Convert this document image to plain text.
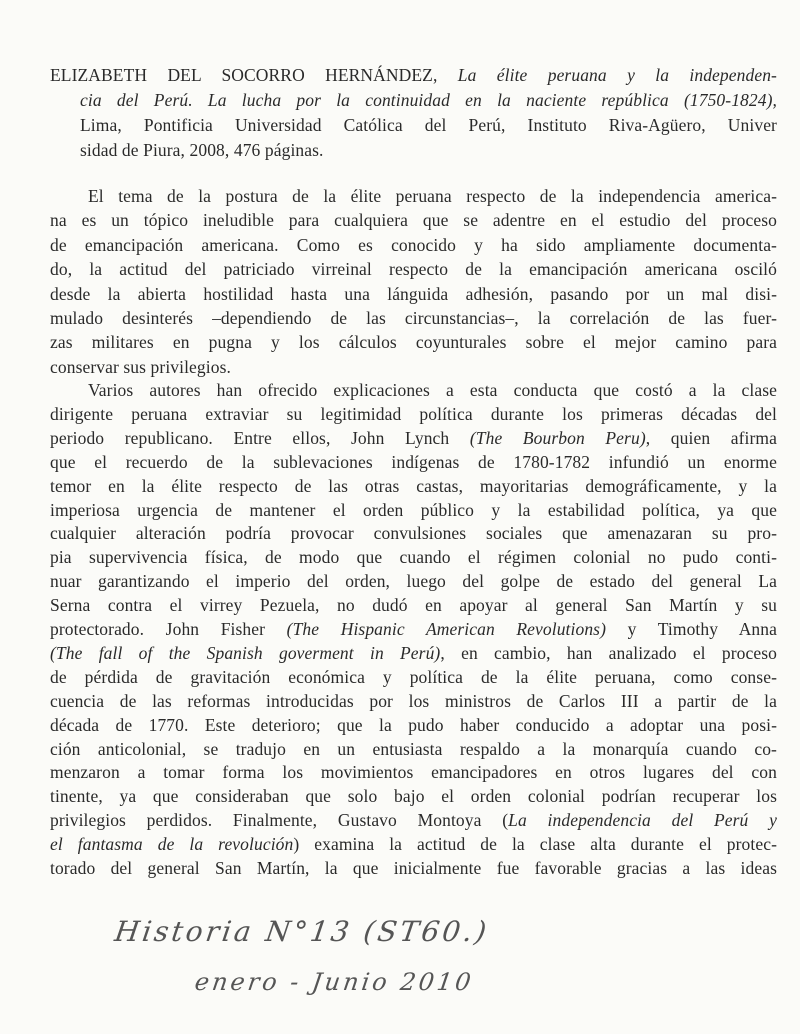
ELIZABETH DEL SOCORRO HERNÁNDEZ, La élite peruana y la independen-
cia del Perú. La lucha por la continuidad en la naciente república (1750-1824),
Lima, Pontificia Universidad Católica del Perú, Instituto Riva-Agüero, Univer
sidad de Piura, 2008, 476 páginas.
El tema de la postura de la élite peruana respecto de la independencia america-
na es un tópico ineludible para cualquiera que se adentre en el estudio del proceso
de emancipación americana. Como es conocido y ha sido ampliamente documenta-
do, la actitud del patriciado virreinal respecto de la emancipación americana osciló
desde la abierta hostilidad hasta una lánguida adhesión, pasando por un mal disi-
mulado desinterés –dependiendo de las circunstancias–, la correlación de las fuer-
zas militares en pugna y los cálculos coyunturales sobre el mejor camino para
conservar sus privilegios.
Varios autores han ofrecido explicaciones a esta conducta que costó a la clase
dirigente peruana extraviar su legitimidad política durante los primeras décadas del
periodo republicano. Entre ellos, John Lynch (The Bourbon Peru), quien afirma
que el recuerdo de la sublevaciones indígenas de 1780-1782 infundió un enorme
temor en la élite respecto de las otras castas, mayoritarias demográficamente, y la
imperiosa urgencia de mantener el orden público y la estabilidad política, ya que
cualquier alteración podría provocar convulsiones sociales que amenazaran su pro-
pia supervivencia física, de modo que cuando el régimen colonial no pudo conti-
nuar garantizando el imperio del orden, luego del golpe de estado del general La
Serna contra el virrey Pezuela, no dudó en apoyar al general San Martín y su
protectorado. John Fisher (The Hispanic American Revolutions) y Timothy Anna
(The fall of the Spanish goverment in Perú), en cambio, han analizado el proceso
de pérdida de gravitación económica y política de la élite peruana, como conse-
cuencia de las reformas introducidas por los ministros de Carlos III a partir de la
década de 1770. Este deterioro; que la pudo haber conducido a adoptar una posi-
ción anticolonial, se tradujo en un entusiasta respaldo a la monarquía cuando co-
menzaron a tomar forma los movimientos emancipadores en otros lugares del con
tinente, ya que consideraban que solo bajo el orden colonial podrían recuperar los
privilegios perdidos. Finalmente, Gustavo Montoya (La independencia del Perú y
el fantasma de la revolución) examina la actitud de la clase alta durante el protec-
torado del general San Martín, la que inicialmente fue favorable gracias a las ideas
Historia N°13 (ST60.)
enero - Junio 2010
